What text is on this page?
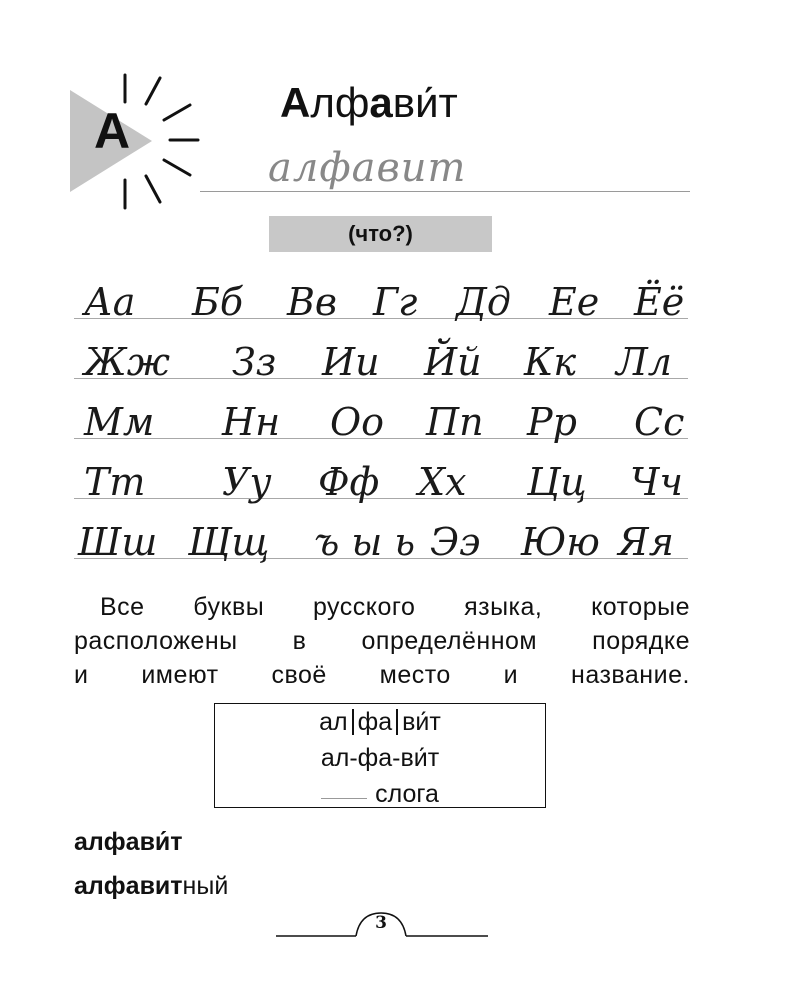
А
Алфавит
алфавит
(что?)
Аа Бб Вв Гг Дд Ее Ёё
Жж Зз Ии Йй Кк Лл
Мм Нн Оо Пп Рр Сс
Тт Уу Фф Хх Цц Чч
Шш Щщ ъ ы ь Ээ Юю Яя
Все буквы русского языка, которые
расположены в определённом порядке
и имеют своё место и название.
ал фа ви́т
ал-фа-ви́т
слога
алфави́т
алфавитный
3
